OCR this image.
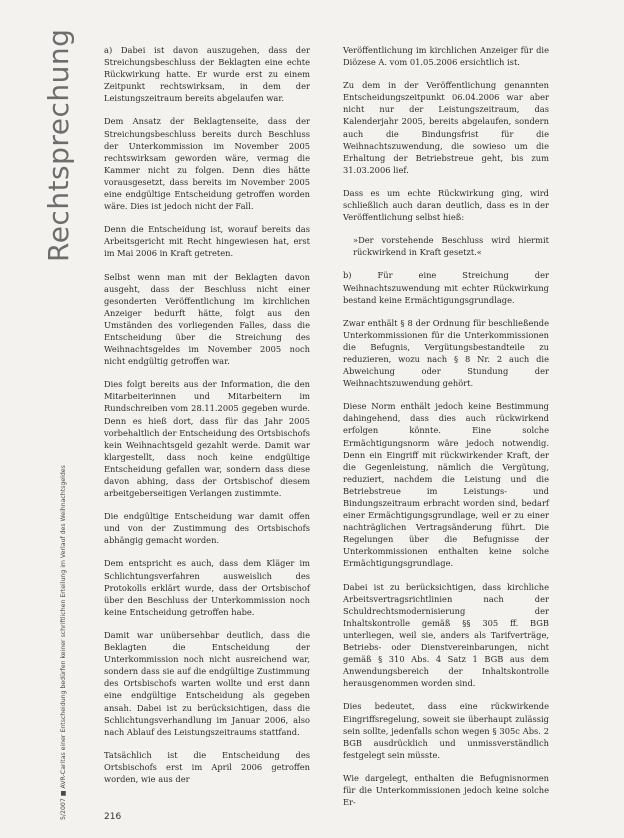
Rechtsprechung
5/2007 ■ AVR-Caritas einer Entscheidung bedürfen keiner schriftlichen Erteilung im Verlauf des Weihnachtsgeldes

a) Dabei ist davon auszugehen, dass der Streichungsbeschluss der Beklagten eine echte Rückwirkung hatte. Er wurde erst zu einem Zeitpunkt rechtswirksam, in dem der Leistungszeitraum bereits abgelaufen war.

Dem Ansatz der Beklagtenseite, dass der Streichungsbeschluss bereits durch Beschluss der Unterkommission im November 2005 rechtswirksam geworden wäre, vermag die Kammer nicht zu folgen. Denn dies hätte vorausgesetzt, dass bereits im November 2005 eine endgültige Entscheidung getroffen worden wäre. Dies ist jedoch nicht der Fall.

Denn die Entscheidung ist, worauf bereits das Arbeitsgericht mit Recht hingewiesen hat, erst im Mai 2006 in Kraft getreten.

Selbst wenn man mit der Beklagten davon ausgeht, dass der Beschluss nicht einer gesonderten Veröffentlichung im kirchlichen Anzeiger bedurft hätte, folgt aus den Umständen des vorliegenden Falles, dass die Entscheidung über die Streichung des Weihnachtsgeldes im November 2005 noch nicht endgültig getroffen war.

Dies folgt bereits aus der Information, die den Mitarbeiterinnen und Mitarbeitern im Rundschreiben vom 28.11.2005 gegeben wurde. Denn es hieß dort, dass für das Jahr 2005 vorbehaltlich der Entscheidung des Ortsbischofs kein Weihnachtsgeld gezahlt werde. Damit war klargestellt, dass noch keine endgültige Entscheidung gefallen war, sondern dass diese davon abhing, dass der Ortsbischof diesem arbeitgeberseitigen Verlangen zustimmte.

Die endgültige Entscheidung war damit offen und von der Zustimmung des Ortsbischofs abhängig gemacht worden.

Dem entspricht es auch, dass dem Kläger im Schlichtungsverfahren ausweislich des Protokolls erklärt wurde, dass der Ortsbischof über den Beschluss der Unterkommission noch keine Entscheidung getroffen habe.

Damit war unübersehbar deutlich, dass die Beklagten die Entscheidung der Unterkommission noch nicht ausreichend war, sondern dass sie auf die endgültige Zustimmung des Ortsbischofs warten wollte und erst dann eine endgültige Entscheidung als gegeben ansah. Dabei ist zu berücksichtigen, dass die Schlichtungsverhandlung im Januar 2006, also nach Ablauf des Leistungszeitraums stattfand.

Tatsächlich ist die Entscheidung des Ortsbischofs erst im April 2006 getroffen worden, wie aus der

Veröffentlichung im kirchlichen Anzeiger für die Diözese A. vom 01.05.2006 ersichtlich ist.

Zu dem in der Veröffentlichung genannten Entscheidungszeitpunkt 06.04.2006 war aber nicht nur der Leistungszeitraum, das Kalenderjahr 2005, bereits abgelaufen, sondern auch die Bindungsfrist für die Weihnachtszuwendung, die sowieso um die Erhaltung der Betriebstreue geht, bis zum 31.03.2006 lief.

Dass es um echte Rückwirkung ging, wird schließlich auch daran deutlich, dass es in der Veröffentlichung selbst hieß:

»Der vorstehende Beschluss wird hiermit rückwirkend in Kraft gesetzt.«

b) Für eine Streichung der Weihnachtszuwendung mit echter Rückwirkung bestand keine Ermächtigungsgrundlage.

Zwar enthält § 8 der Ordnung für beschließende Unterkommissionen für die Unterkommissionen die Befugnis, Vergütungsbestandteile zu reduzieren, wozu nach § 8 Nr. 2 auch die Abweichung oder Stundung der Weihnachtszuwendung gehört.

Diese Norm enthält jedoch keine Bestimmung dahingehend, dass dies auch rückwirkend erfolgen könnte. Eine solche Ermächtigungsnorm wäre jedoch notwendig. Denn ein Eingriff mit rückwirkender Kraft, der die Gegenleistung, nämlich die Vergütung, reduziert, nachdem die Leistung und die Betriebstreue im Leistungs- und Bindungszeitraum erbracht worden sind, bedarf einer Ermächtigungsgrundlage, weil er zu einer nachträglichen Vertragsänderung führt. Die Regelungen über die Befugnisse der Unterkommissionen enthalten keine solche Ermächtigungsgrundlage.

Dabei ist zu berücksichtigen, dass kirchliche Arbeitsvertragsrichtlinien nach der Schuldrechtsmodernisierung der Inhaltskontrolle gemäß §§ 305 ff. BGB unterliegen, weil sie, anders als Tarifverträge, Betriebs- oder Dienstvereinbarungen, nicht gemäß § 310 Abs. 4 Satz 1 BGB aus dem Anwendungsbereich der Inhaltskontrolle herausgenommen worden sind.

Dies bedeutet, dass eine rückwirkende Eingriffsregelung, soweit sie überhaupt zulässig sein sollte, jedenfalls schon wegen § 305c Abs. 2 BGB ausdrücklich und unmissverständlich festgelegt sein müsste.

Wie dargelegt, enthalten die Befugnisnormen für die Unterkommissionen jedoch keine solche Er-

216
